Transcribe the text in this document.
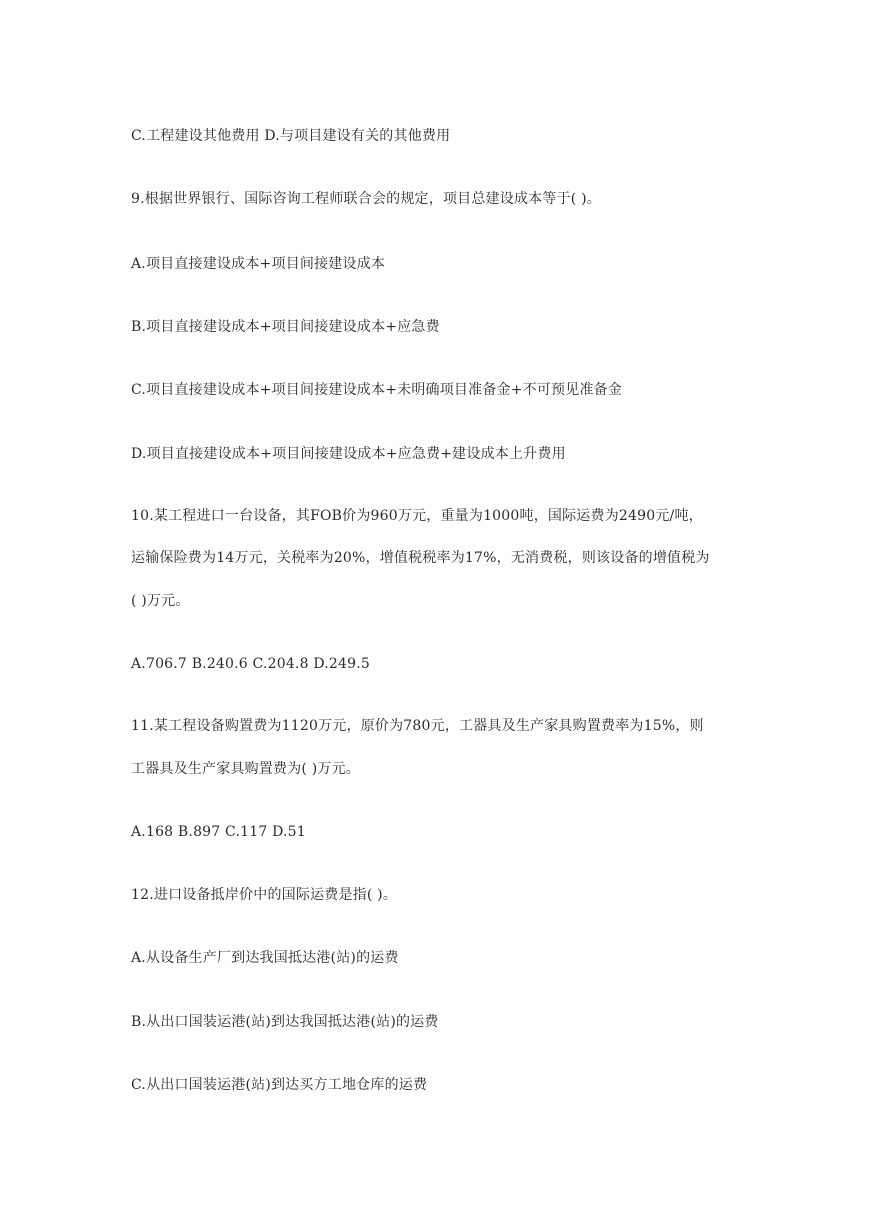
C.工程建设其他费用 D.与项目建设有关的其他费用
9.根据世界银行、国际咨询工程师联合会的规定，项目总建设成本等于( )。
A.项目直接建设成本+项目间接建设成本
B.项目直接建设成本+项目间接建设成本+应急费
C.项目直接建设成本+项目间接建设成本+未明确项目准备金+不可预见准备金
D.项目直接建设成本+项目间接建设成本+应急费+建设成本上升费用
10.某工程进口一台设备，其FOB价为960万元，重量为1000吨，国际运费为2490元/吨，
运输保险费为14万元，关税率为20%，增值税税率为17%，无消费税，则该设备的增值税为
( )万元。
A.706.7 B.240.6 C.204.8 D.249.5
11.某工程设备购置费为1120万元，原价为780元，工器具及生产家具购置费率为15%，则
工器具及生产家具购置费为( )万元。
A.168 B.897 C.117 D.51
12.进口设备抵岸价中的国际运费是指( )。
A.从设备生产厂到达我国抵达港(站)的运费
B.从出口国装运港(站)到达我国抵达港(站)的运费
C.从出口国装运港(站)到达买方工地仓库的运费
